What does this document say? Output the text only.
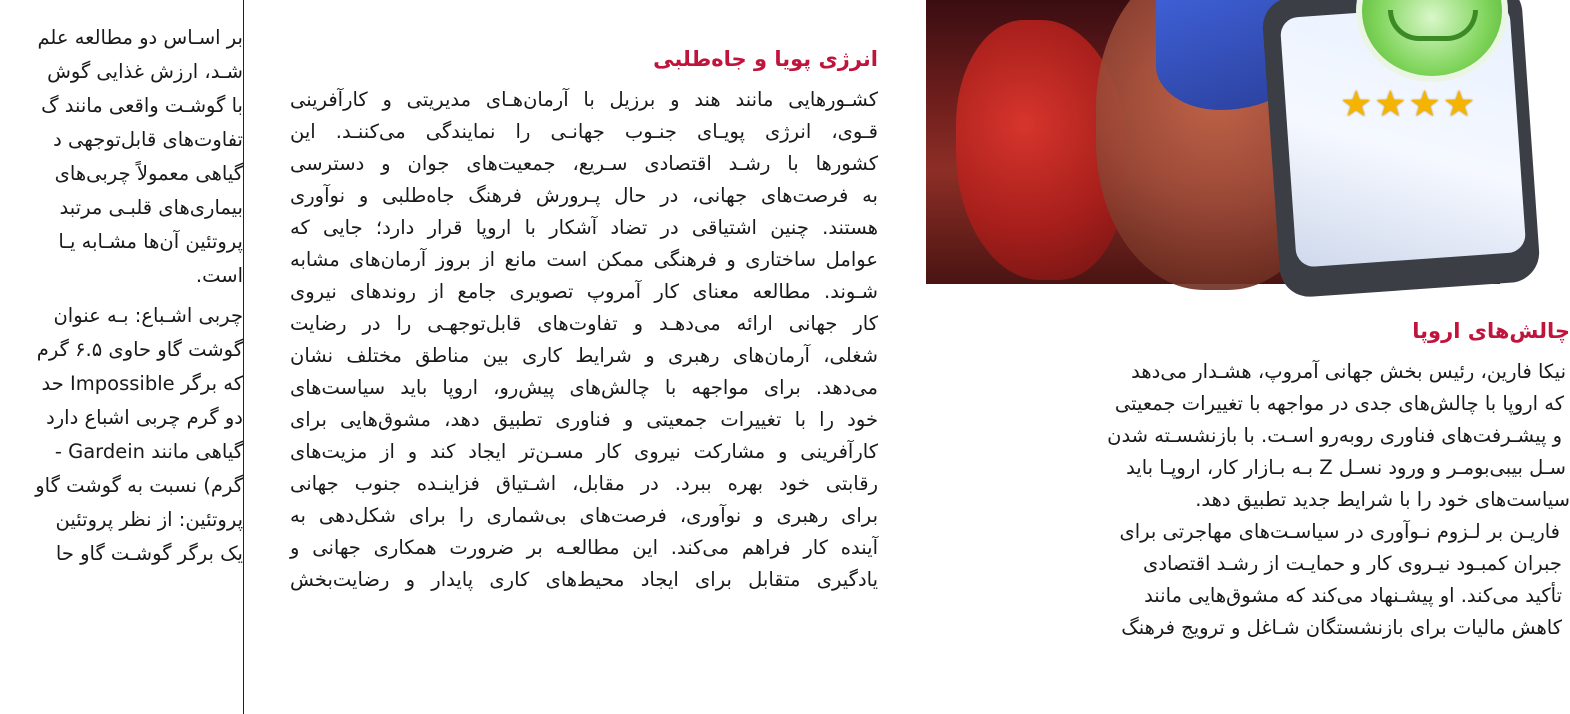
بر اسـاس دو مطالعه علم
شـد، ارزش غذایی گوش
با گوشـت واقعی مانند گ
تفاوت‌های قابل‌توجهی د
گیاهی معمولاً چربی‌های
بیماری‌های قلبـی مرتبد
پروتئین آن‌ها مشـابه یـا
است.
چربی اشـباع: بـه عنوان
گوشت گاو حاوی ۶.۵ گرم
که برگر Impossible حد
دو گرم چربی اشباع دارد
گیاهی مانند Gardein -
گرم) نسبت به گوشت گاو
پروتئین: از نظر پروتئین
یک برگر گوشـت گاو حا
انرژی پویا و جاه‌طلبی
کشـورهایی مانند هند و برزیل با آرمان‌هـای مدیریتی و کارآفرینی
قـوی، انرژی پویـای جنـوب جهانـی را نمایندگی می‌کننـد. این
کشورها با رشـد اقتصادی سـریع، جمعیت‌های جوان و دسترسی
به فرصت‌های جهانی، در حال پـرورش فرهنگ جاه‌طلبی و نوآوری
هستند. چنین اشتیاقی در تضاد آشکار با اروپا قرار دارد؛ جایی که
عوامل ساختاری و فرهنگی ممکن است مانع از بروز آرمان‌های مشابه
شـوند. مطالعه معنای کار آمروپ تصویری جامع از روندهای نیروی
کار جهانی ارائه می‌دهـد و تفاوت‌های قابل‌توجهـی را در رضایت
شغلی، آرمان‌های رهبری و شرایط کاری بین مناطق مختلف نشان
می‌دهد. برای مواجهه با چالش‌های پیش‌رو، اروپا باید سیاست‌های
خود را با تغییرات جمعیتی و فناوری تطبیق دهد، مشوق‌هایی برای
کارآفرینی و مشارکت نیروی کار مسـن‌تر ایجاد کند و از مزیت‌های
رقابتی خود بهره ببرد. در مقابل، اشـتیاق فزاینـده جنوب جهانی
برای رهبری و نوآوری، فرصت‌های بی‌شماری را برای شکل‌دهی به
آینده کار فراهم می‌کند. این مطالعـه بر ضرورت همکاری جهانی و
یادگیری متقابل برای ایجاد محیط‌های کاری پایدار و رضایت‌بخش
★★★★
چالش‌های اروپا
نیکا فارین، رئیس بخش جهانی آمروپ، هشـدار می‌دهد
که اروپا با چالش‌های جدی در مواجهه با تغییرات جمعیتی
و پیشـرفت‌های فناوری روبه‌رو اسـت. با بازنشسـته شدن
سـل بیبی‌بومـر و ورود نسـل Z بـه بـازار کار، اروپـا باید
سیاست‌های خود را با شرایط جدید تطبیق دهد.
فاریـن بر لـزوم نـوآوری در سیاسـت‌های مهاجرتی برای
جبران کمبـود نیـروی کار و حمایـت از رشـد اقتصادی
تأکید می‌کند. او پیشـنهاد می‌کند که مشوق‌هایی مانند
کاهش مالیات برای بازنشستگان شـاغل و ترویج فرهنگ
